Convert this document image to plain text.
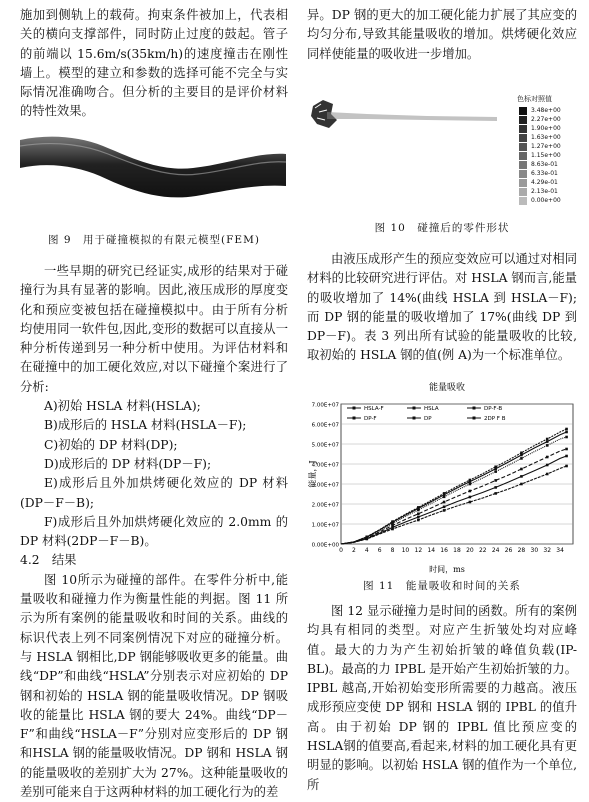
施加到侧轨上的载荷。拘束条件被加上，代表相关的横向支撑部件，同时防止过度的鼓起。管子的前端以 15.6m/s(35km/h)的速度撞击在刚性墙上。模型的建立和参数的选择可能不完全与实际情况准确吻合。但分析的主要目的是评价材料的特性效果。

图 9　用于碰撞模拟的有限元模型(FEM)

一些早期的研究已经证实,成形的结果对于碰撞行为具有显著的影响。因此,液压成形的厚度变化和预应变被包括在碰撞模拟中。由于所有分析均使用同一软件包,因此,变形的数据可以直接从一种分析传递到另一种分析中使用。为评估材料和在碰撞中的加工硬化效应,对以下碰撞个案进行了分析:

A)初始 HSLA 材料(HSLA);

B)成形后的 HSLA 材料(HSLA－F);

C)初始的 DP 材料(DP);

D)成形后的 DP 材料(DP－F);

E)成形后且外加烘烤硬化效应的 DP 材料(DP－F－B);

F)成形后且外加烘烤硬化效应的 2.0mm 的DP 材料(2DP－F－B)。

4.2　结果

图 10所示为碰撞的部件。在零件分析中,能量吸收和碰撞力作为衡量性能的判据。图 11 所示为所有案例的能量吸收和时间的关系。曲线的标识代表上列不同案例情况下对应的碰撞分析。与 HSLA 钢相比,DP 钢能够吸收更多的能量。曲线“DP”和曲线“HSLA”分别表示对应初始的 DP 钢和初始的 HSLA 钢的能量吸收情况。DP 钢吸收的能量比 HSLA 钢的要大 24%。曲线“DP－F”和曲线“HSLA－F”分别对应变形后的 DP 钢和HSLA 钢的能量吸收情况。DP 钢和 HSLA 钢的能量吸收的差别扩大为 27%。这种能量吸收的差别可能来自于这两种材料的加工硬化行为的差

异。DP 钢的更大的加工硬化能力扩展了其应变的均匀分布,导致其能量吸收的增加。烘烤硬化效应同样使能量的吸收进一步增加。

色标对照值
3.48e+00
2.27e+00
1.90e+00
1.63e+00
1.27e+00
1.15e+00
8.63e-01
6.33e-01
4.29e-01
2.13e-01
0.00e+00
图 10　碰撞后的零件形状

由液压成形产生的预应变效应可以通过对相同材料的比较研究进行评估。对 HSLA 钢而言,能量的吸收增加了 14%(曲线 HSLA 到 HSLA－F);而 DP 钢的能量的吸收增加了 17%(曲线 DP 到 DP－F)。表 3 列出所有试验的能量吸收的比较,取初始的 HSLA 钢的值(例 A)为一个标准单位。

能量吸收
0.00E+00
1.00E+07
2.00E+07
3.00E+07
4.00E+07
5.00E+07
6.00E+07
7.00E+07
0 2 4 6 8 10 12 14 16 18 20 22 24 26 28 30 32 34
HSLA-F	HSLA	DP-F-B
DP-F	DP	2DP F B
时间，ms
能量，J
图 11　能量吸收和时间的关系

图 12 显示碰撞力是时间的函数。所有的案例均具有相同的类型。对应产生折皱处均对应峰值。最大的力为产生初始折皱的峰值负载(IP-BL)。最高的力 IPBL 是开始产生初始折皱的力。IPBL 越高,开始初始变形所需要的力越高。液压成形预应变使 DP 钢和 HSLA 钢的 IPBL 的值升高。由于初始 DP 钢的 IPBL 值比预应变的 HSLA钢的值要高,看起来,材料的加工硬化具有更明显的影响。以初始 HSLA 钢的值作为一个单位,所
